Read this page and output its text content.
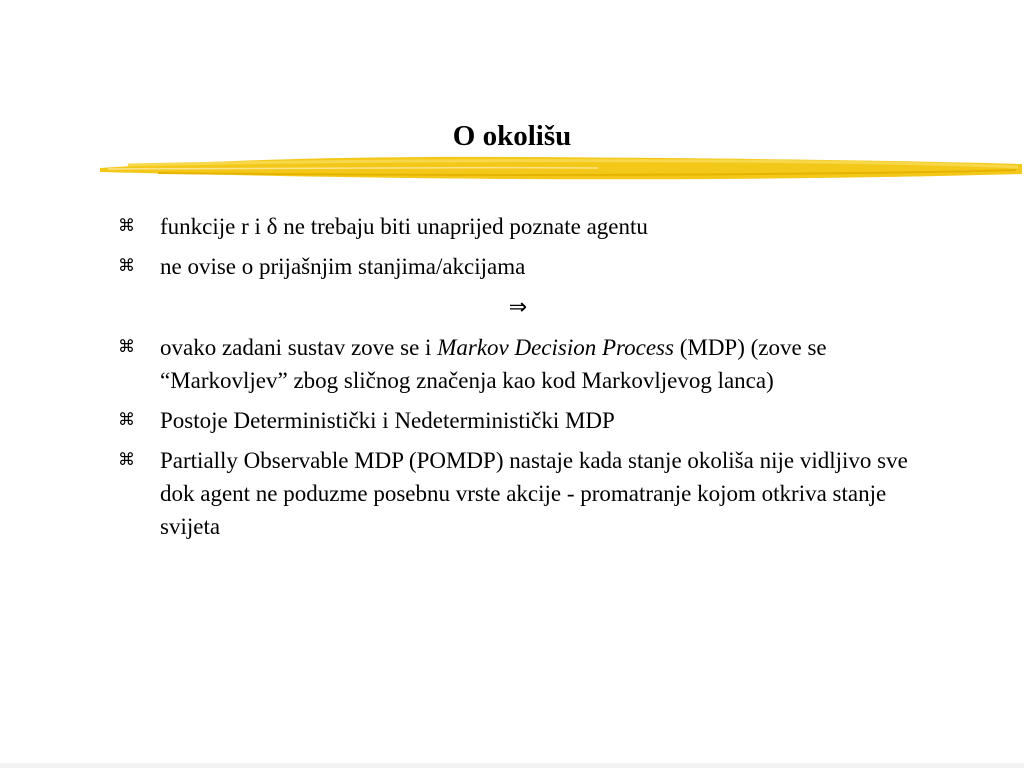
O okolišu
⌘	funkcije r i δ ne trebaju biti unaprijed poznate agentu
⌘	ne ovise o prijašnjim stanjima/akcijama
⇒
⌘	ovako zadani sustav zove se i Markov Decision Process (MDP) (zove se “Markovljev” zbog sličnog značenja kao kod Markovljevog lanca)
⌘	Postoje Deterministički i Nedeterministički MDP
⌘	Partially Observable MDP (POMDP) nastaje kada stanje okoliša nije vidljivo sve dok agent ne poduzme posebnu vrste akcije - promatranje kojom otkriva stanje svijeta
